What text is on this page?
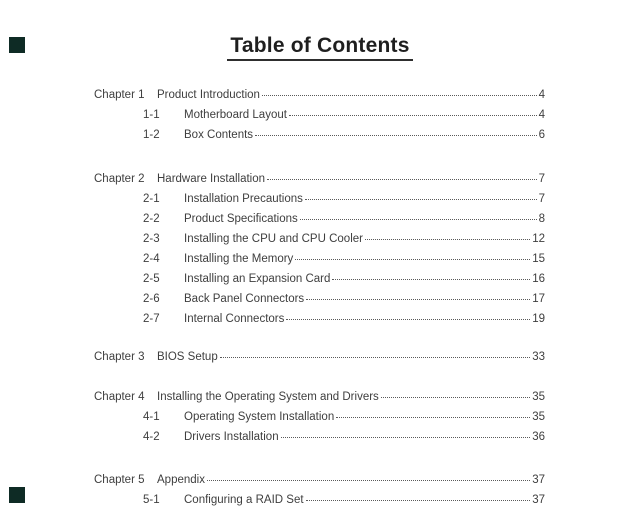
Table of Contents
Chapter 1	Product Introduction	4
1-1	Motherboard Layout	4
1-2	Box Contents	6
Chapter 2	Hardware Installation	7
2-1	Installation Precautions	7
2-2	Product Specifications	8
2-3	Installing the CPU and CPU Cooler	12
2-4	Installing the Memory	15
2-5	Installing an Expansion Card	16
2-6	Back Panel Connectors	17
2-7	Internal Connectors	19
Chapter 3	BIOS Setup	33
Chapter 4	Installing the Operating System and Drivers	35
4-1	Operating System Installation	35
4-2	Drivers Installation	36
Chapter 5	Appendix	37
5-1	Configuring a RAID Set	37
